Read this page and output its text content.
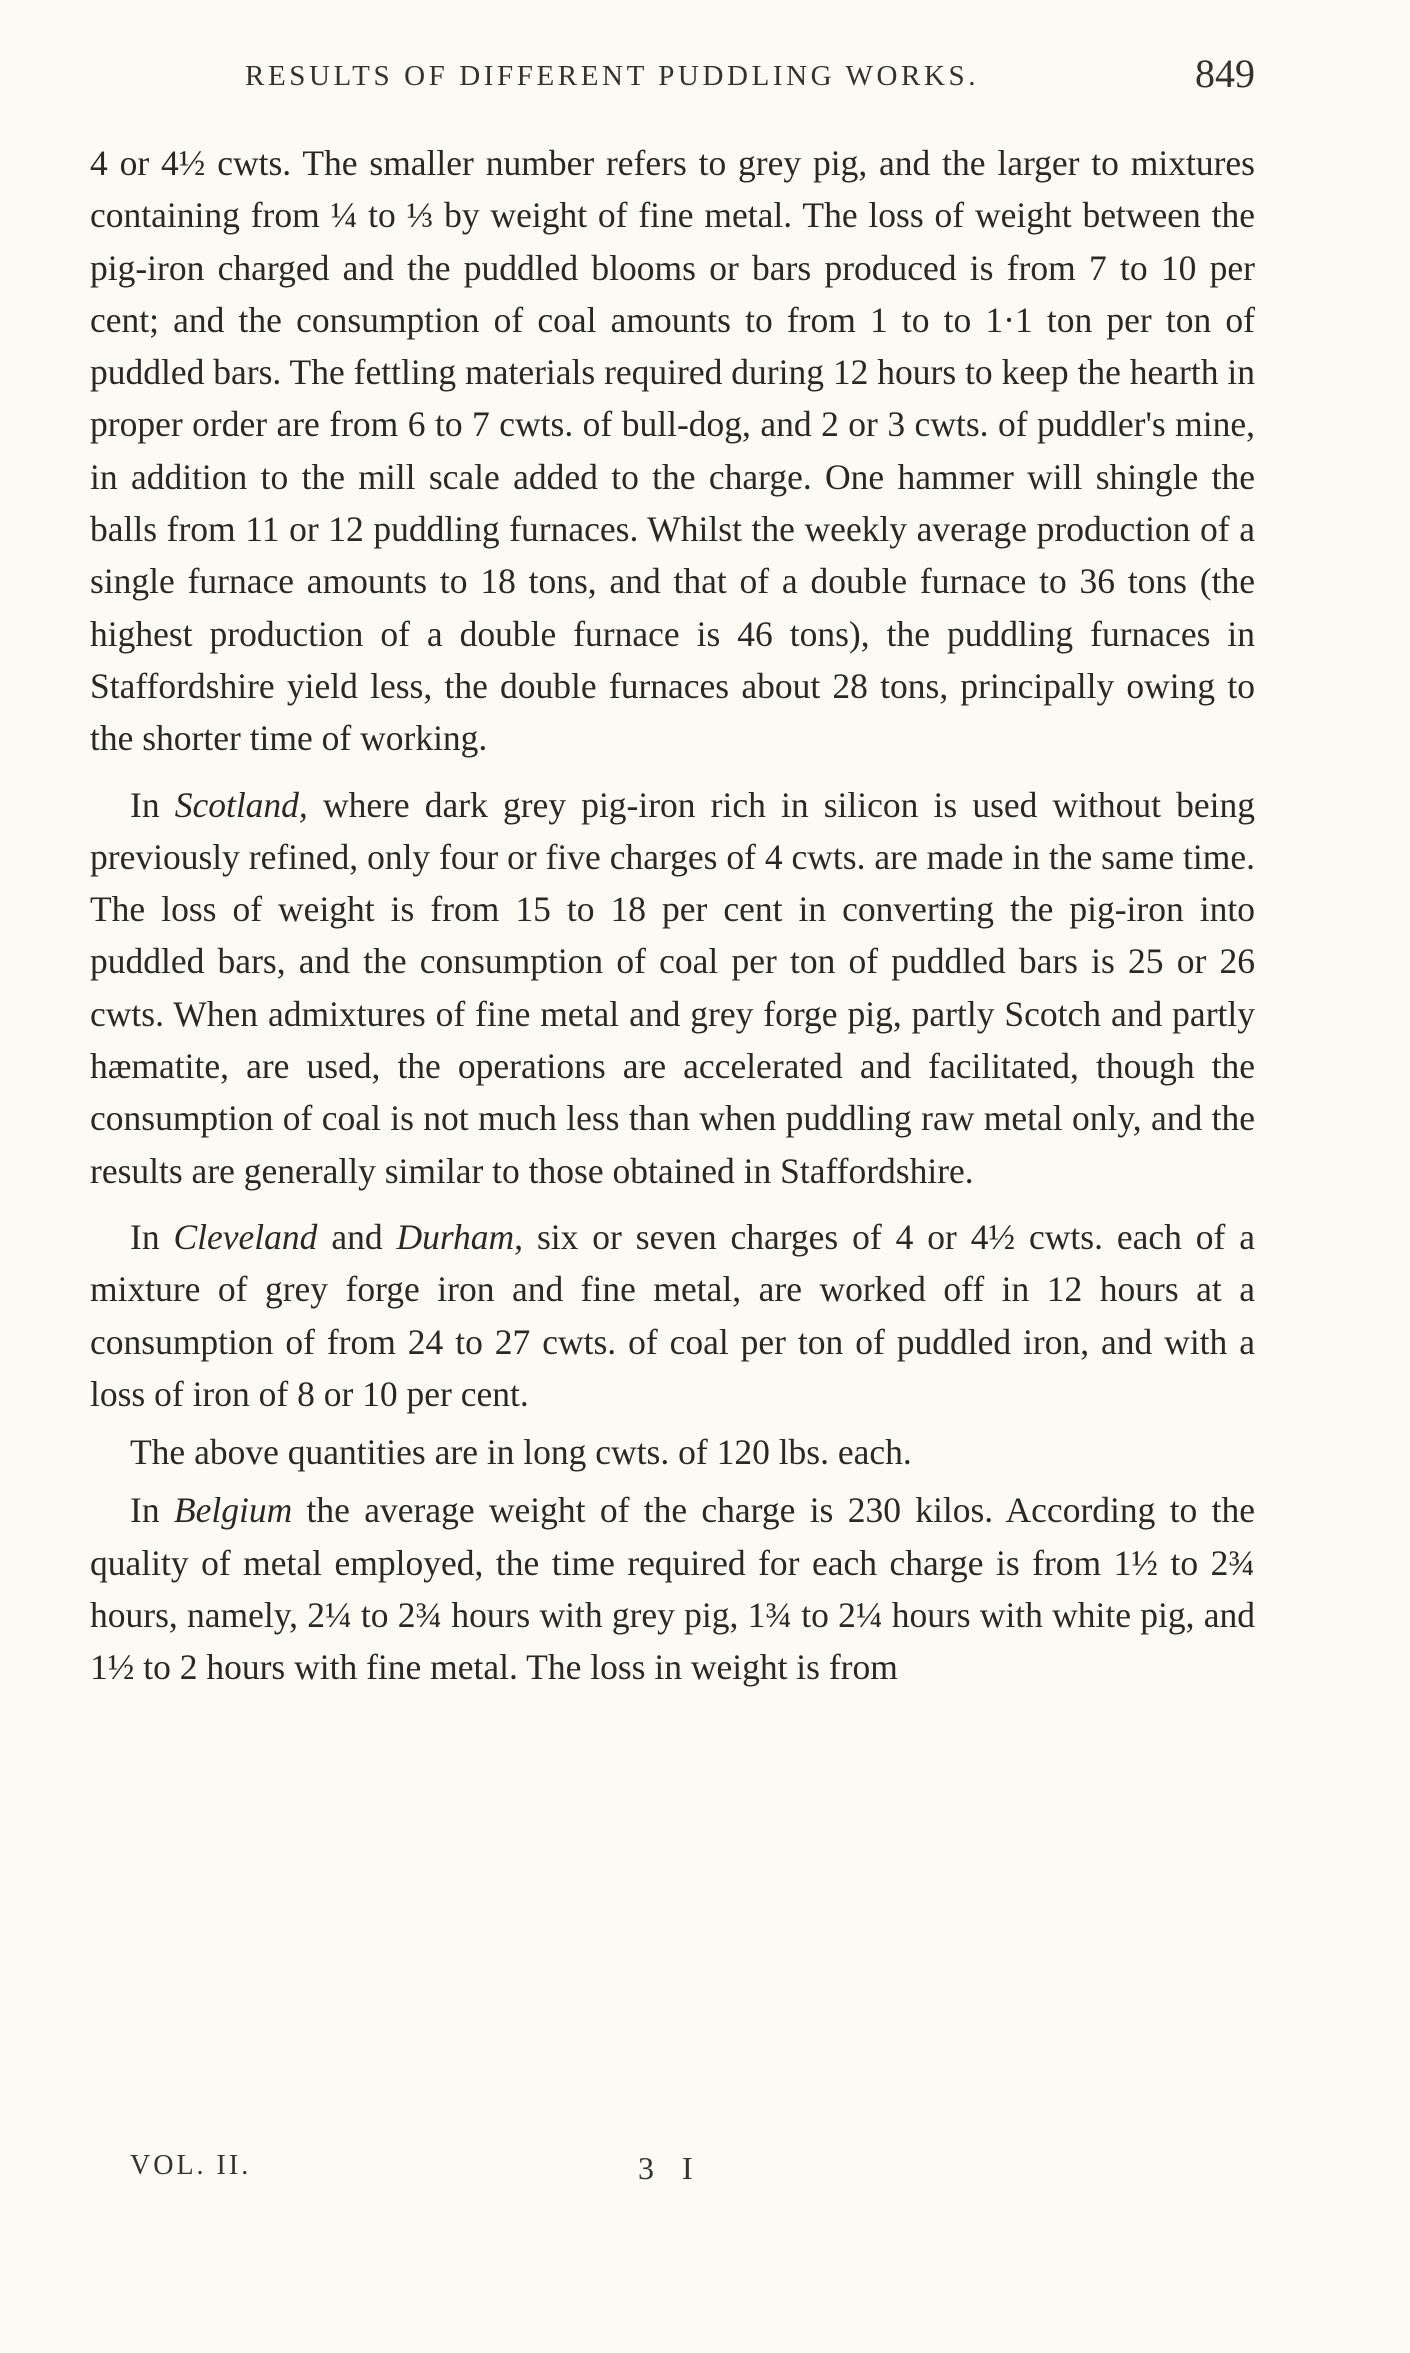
RESULTS OF DIFFERENT PUDDLING WORKS.	849

4 or 4½ cwts. The smaller number refers to grey pig, and the larger to mixtures containing from ¼ to ⅓ by weight of fine metal. The loss of weight between the pig-iron charged and the puddled blooms or bars produced is from 7 to 10 per cent; and the consumption of coal amounts to from 1 to to 1·1 ton per ton of puddled bars. The fettling materials required during 12 hours to keep the hearth in proper order are from 6 to 7 cwts. of bull-dog, and 2 or 3 cwts. of puddler's mine, in addition to the mill scale added to the charge. One hammer will shingle the balls from 11 or 12 puddling furnaces. Whilst the weekly average production of a single furnace amounts to 18 tons, and that of a double furnace to 36 tons (the highest production of a double furnace is 46 tons), the puddling furnaces in Staffordshire yield less, the double furnaces about 28 tons, principally owing to the shorter time of working.

In Scotland, where dark grey pig-iron rich in silicon is used without being previously refined, only four or five charges of 4 cwts. are made in the same time. The loss of weight is from 15 to 18 per cent in converting the pig-iron into puddled bars, and the consumption of coal per ton of puddled bars is 25 or 26 cwts. When admixtures of fine metal and grey forge pig, partly Scotch and partly hæmatite, are used, the operations are accelerated and facilitated, though the consumption of coal is not much less than when puddling raw metal only, and the results are generally similar to those obtained in Staffordshire.

In Cleveland and Durham, six or seven charges of 4 or 4½ cwts. each of a mixture of grey forge iron and fine metal, are worked off in 12 hours at a consumption of from 24 to 27 cwts. of coal per ton of puddled iron, and with a loss of iron of 8 or 10 per cent.

The above quantities are in long cwts. of 120 lbs. each.

In Belgium the average weight of the charge is 230 kilos. According to the quality of metal employed, the time required for each charge is from 1½ to 2¾ hours, namely, 2¼ to 2¾ hours with grey pig, 1¾ to 2¼ hours with white pig, and 1½ to 2 hours with fine metal. The loss in weight is from

VOL. II.	3 I
